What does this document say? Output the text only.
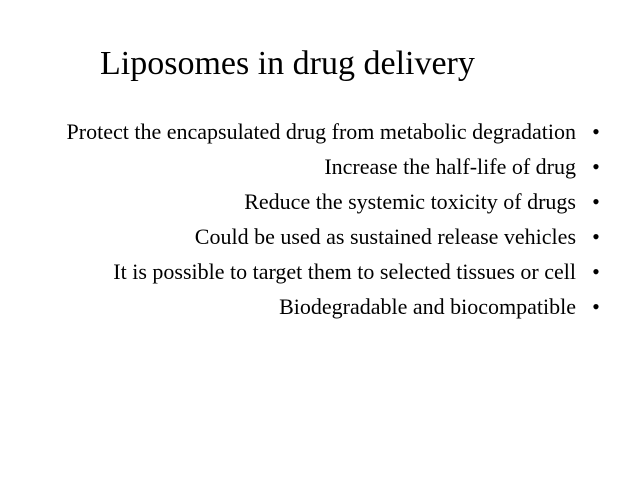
Liposomes in drug delivery
Protect the encapsulated drug from metabolic degradation •
Increase the half-life of drug •
Reduce the systemic toxicity of drugs •
Could be used as sustained release vehicles •
It is possible to target them to selected tissues or cell •
Biodegradable and biocompatible •
